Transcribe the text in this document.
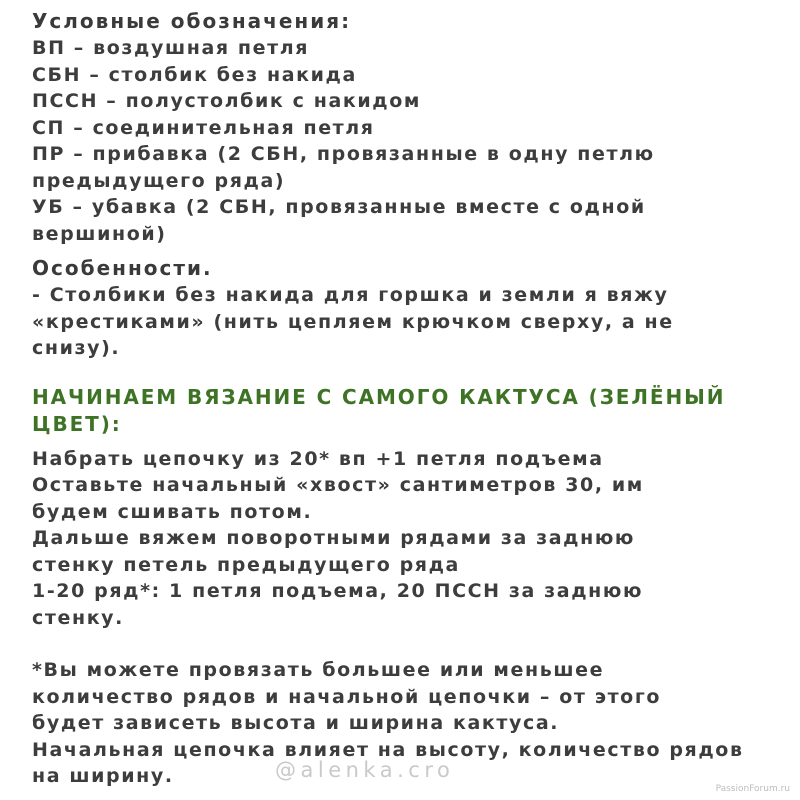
Условные обозначения:
ВП – воздушная петля
СБН – столбик без накида
ПССН – полустолбик с накидом
СП – соединительная петля
ПР – прибавка (2 СБН, провязанные в одну петлю
предыдущего ряда)
УБ – убавка (2 СБН, провязанные вместе с одной
вершиной)
Особенности.
- Столбики без накида для горшка и земли я вяжу
«крестиками» (нить цепляем крючком сверху, а не
снизу).
НАЧИНАЕМ ВЯЗАНИЕ С САМОГО КАКТУСА (ЗЕЛЁНЫЙ
ЦВЕТ):
Набрать цепочку из 20* вп +1 петля подъема
Оставьте начальный «хвост» сантиметров 30, им
будем сшивать потом.
Дальше вяжем поворотными рядами за заднюю
стенку петель предыдущего ряда
1-20 ряд*: 1 петля подъема, 20 ПССН за заднюю
стенку.
*Вы можете провязать большее или меньшее
количество рядов и начальной цепочки – от этого
будет зависеть высота и ширина кактуса.
Начальная цепочка влияет на высоту, количество рядов
на ширину.	@alenka.cro
PassionForum.ru
